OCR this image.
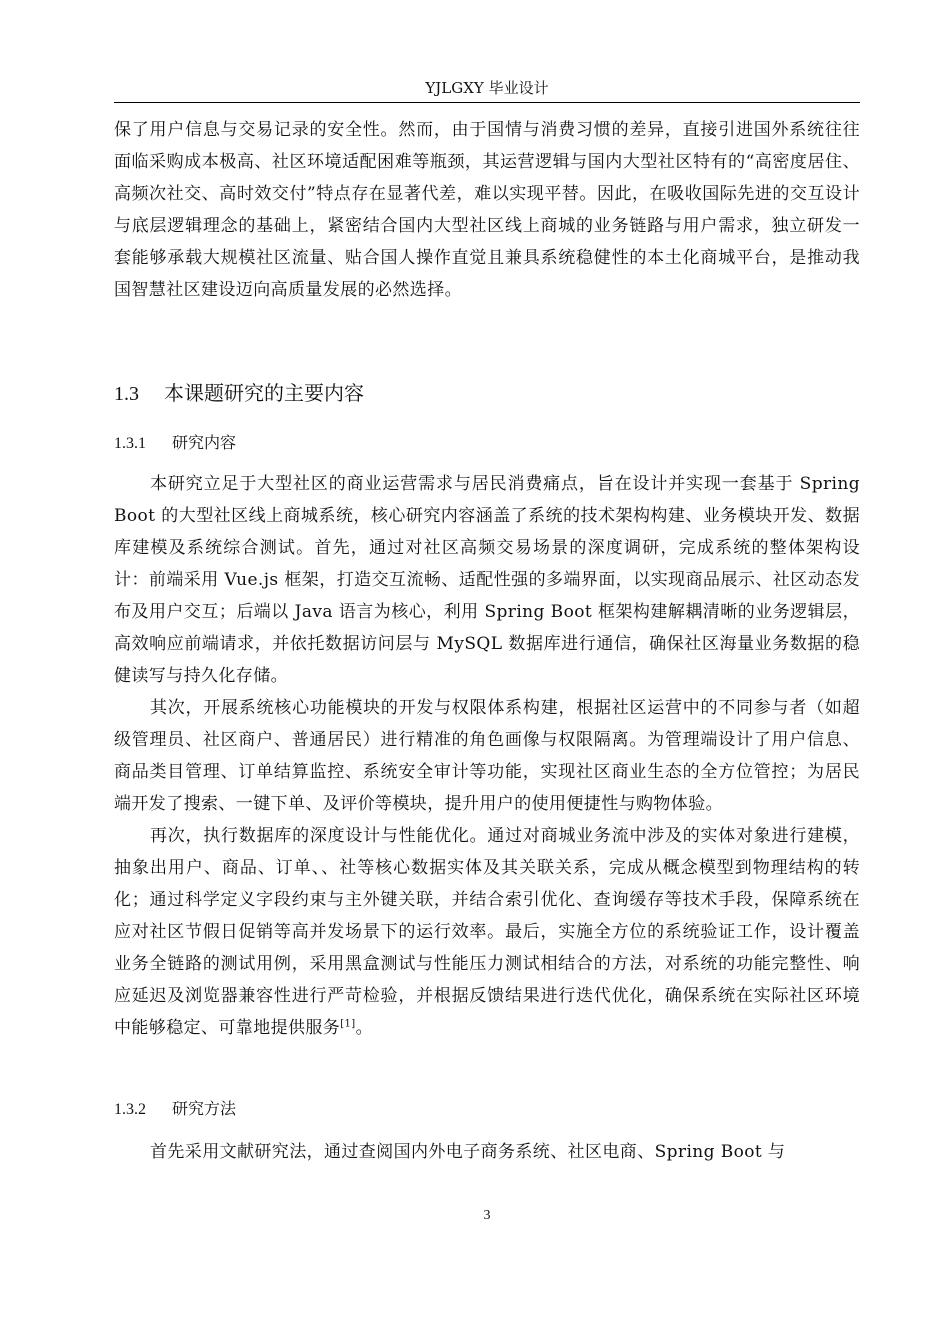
YJLGXY 毕业设计

保了用户信息与交易记录的安全性。然而，由于国情与消费习惯的差异，直接引进国外系统往往面临采购成本极高、社区环境适配困难等瓶颈，其运营逻辑与国内大型社区特有的“高密度居住、高频次社交、高时效交付”特点存在显著代差，难以实现平替。因此，在吸收国际先进的交互设计与底层逻辑理念的基础上，紧密结合国内大型社区线上商城的业务链路与用户需求，独立研发一套能够承载大规模社区流量、贴合国人操作直觉且兼具系统稳健性的本土化商城平台，是推动我国智慧社区建设迈向高质量发展的必然选择。

1.3 本课题研究的主要内容
1.3.1 研究内容

本研究立足于大型社区的商业运营需求与居民消费痛点，旨在设计并实现一套基于 Spring Boot 的大型社区线上商城系统，核心研究内容涵盖了系统的技术架构构建、业务模块开发、数据库建模及系统综合测试。首先，通过对社区高频交易场景的深度调研，完成系统的整体架构设计：前端采用 Vue.js 框架，打造交互流畅、适配性强的多端界面，以实现商品展示、社区动态发布及用户交互；后端以 Java 语言为核心，利用 Spring Boot 框架构建解耦清晰的业务逻辑层，高效响应前端请求，并依托数据访问层与 MySQL 数据库进行通信，确保社区海量业务数据的稳健读写与持久化存储。

其次，开展系统核心功能模块的开发与权限体系构建，根据社区运营中的不同参与者（如超级管理员、社区商户、普通居民）进行精准的角色画像与权限隔离。为管理端设计了用户信息、商品类目管理、订单结算监控、系统安全审计等功能，实现社区商业生态的全方位管控；为居民端开发了搜索、一键下单、及评价等模块，提升用户的使用便捷性与购物体验。

再次，执行数据库的深度设计与性能优化。通过对商城业务流中涉及的实体对象进行建模，抽象出用户、商品、订单、、社等核心数据实体及其关联关系，完成从概念模型到物理结构的转化；通过科学定义字段约束与主外键关联，并结合索引优化、查询缓存等技术手段，保障系统在应对社区节假日促销等高并发场景下的运行效率。最后，实施全方位的系统验证工作，设计覆盖业务全链路的测试用例，采用黑盒测试与性能压力测试相结合的方法，对系统的功能完整性、响应延迟及浏览器兼容性进行严苛检验，并根据反馈结果进行迭代优化，确保系统在实际社区环境中能够稳定、可靠地提供服务[1]。

1.3.2 研究方法

首先采用文献研究法，通过查阅国内外电子商务系统、社区电商、Spring Boot 与

3
